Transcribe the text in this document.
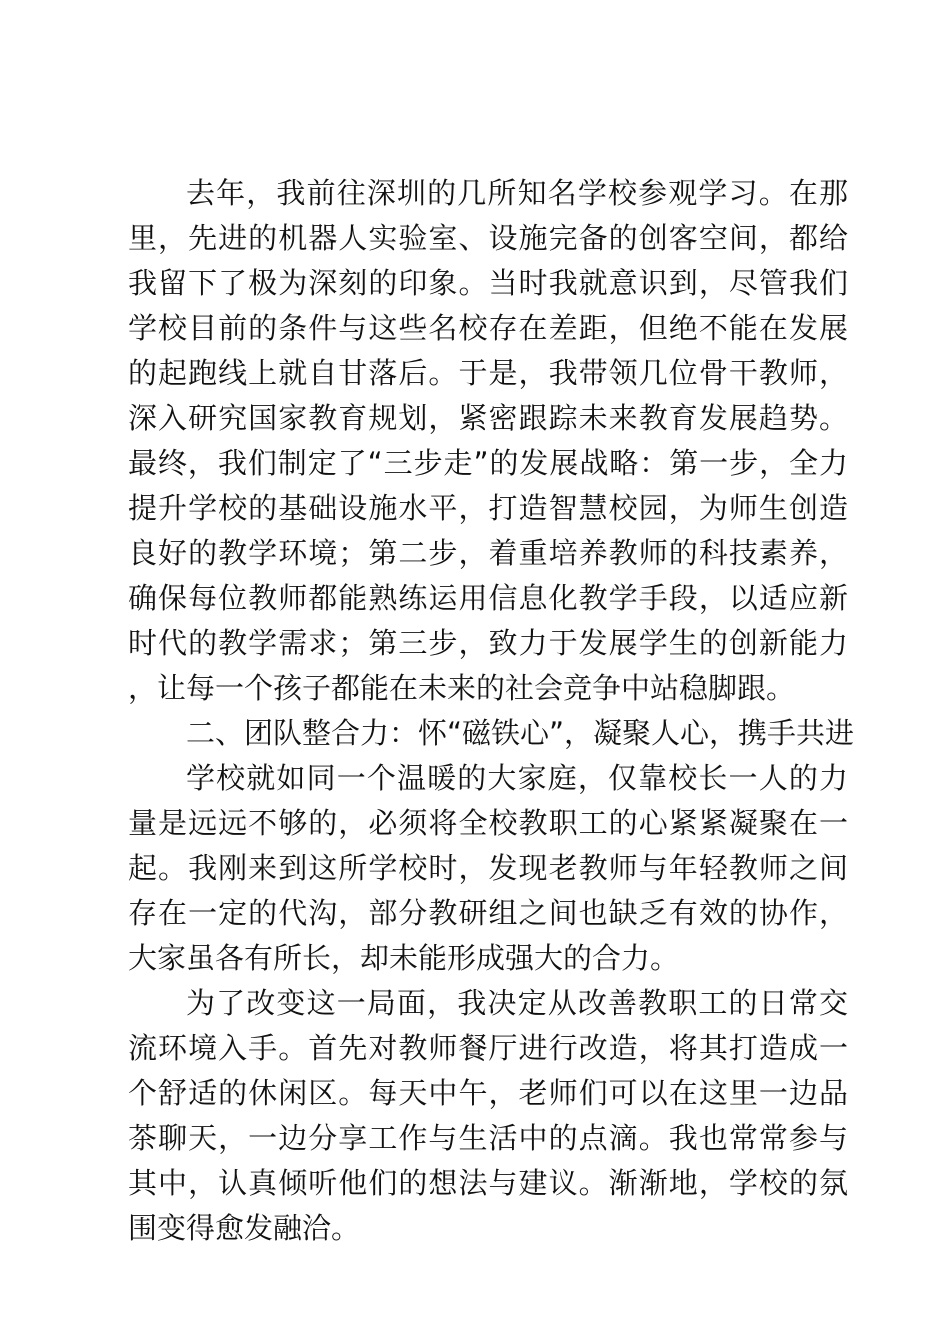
去年，我前往深圳的几所知名学校参观学习。在那里，先进的机器人实验室、设施完备的创客空间，都给我留下了极为深刻的印象。当时我就意识到，尽管我们学校目前的条件与这些名校存在差距，但绝不能在发展的起跑线上就自甘落后。于是，我带领几位骨干教师，深入研究国家教育规划，紧密跟踪未来教育发展趋势。最终，我们制定了“三步走”的发展战略：第一步，全力提升学校的基础设施水平，打造智慧校园，为师生创造良好的教学环境；第二步，着重培养教师的科技素养，确保每位教师都能熟练运用信息化教学手段，以适应新时代的教学需求；第三步，致力于发展学生的创新能力，让每一个孩子都能在未来的社会竞争中站稳脚跟。

二、团队整合力：怀“磁铁心”，凝聚人心，携手共进

学校就如同一个温暖的大家庭，仅靠校长一人的力量是远远不够的，必须将全校教职工的心紧紧凝聚在一起。我刚来到这所学校时，发现老教师与年轻教师之间存在一定的代沟，部分教研组之间也缺乏有效的协作，大家虽各有所长，却未能形成强大的合力。

为了改变这一局面，我决定从改善教职工的日常交流环境入手。首先对教师餐厅进行改造，将其打造成一个舒适的休闲区。每天中午，老师们可以在这里一边品茶聊天，一边分享工作与生活中的点滴。我也常常参与其中，认真倾听他们的想法与建议。渐渐地，学校的氛围变得愈发融洽。
